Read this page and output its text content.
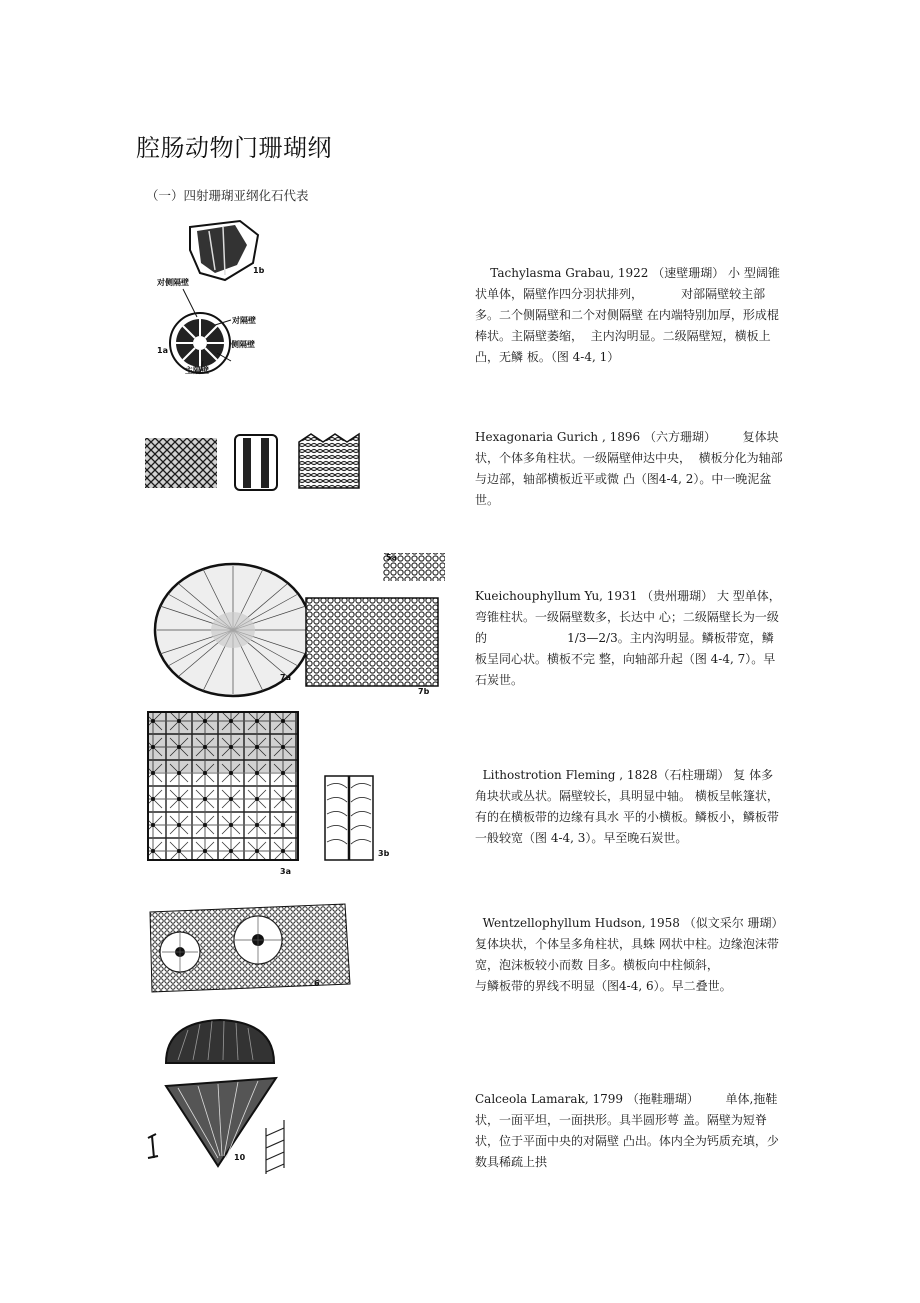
腔肠动物门珊瑚纲
（一）四射珊瑚亚纲化石代表
1b
对侧隔壁
对隔壁
侧隔壁
1a
主隔壁
5a
7a
7b
3a
3b
6
10
Tachylasma Grabau, 1922 （速壁珊瑚） 小 型阔锥状单体，隔壁作四分羽状排列，          对部隔壁较主部多。二个侧隔壁和二个对侧隔壁 在内端特别加厚，形成棍棒状。主隔壁萎缩，  主内沟明显。二级隔壁短，横板上凸，无鳞 板。（图 4-4, 1）
Hexagonaria Gurich , 1896 （六方珊瑚）       复体块状，个体多角柱状。一级隔壁伸达中央，  横板分化为轴部与边部，轴部横板近平或微 凸（图4-4, 2）。中一晚泥盆世。
Kueichouphyllum Yu, 1931 （贵州珊瑚） 大 型单体，弯锥柱状。一级隔壁数多，长达中 心；二级隔壁长为一级的                     1/3—2/3。主内沟明显。鳞板带宽，鳞板呈同心状。横板不完 整，向轴部升起（图 4-4, 7）。早石炭世。
Lithostrotion Fleming , 1828（石柱珊瑚） 复 体多角块状或丛状。隔壁较长，具明显中轴。 横板呈帐篷状，有的在横板带的边缘有具水 平的小横板。鳞板小，鳞板带一般较宽（图 4-4, 3）。早至晚石炭世。
Wentzellophyllum Hudson, 1958 （似文采尔 珊瑚） 复体块状，个体呈多角柱状，具蛛 网状中柱。边缘泡沫带宽，泡沫板较小而数 目多。横板向中柱倾斜，                      与鳞板带的界线不明显（图4-4, 6）。早二叠世。
Calceola Lamarak, 1799 （拖鞋珊瑚）       单体,拖鞋状，一面平坦，一面拱形。具半圆形萼 盖。隔壁为短脊状，位于平面中央的对隔壁 凸出。体内全为钙质充填，少数具稀疏上拱
